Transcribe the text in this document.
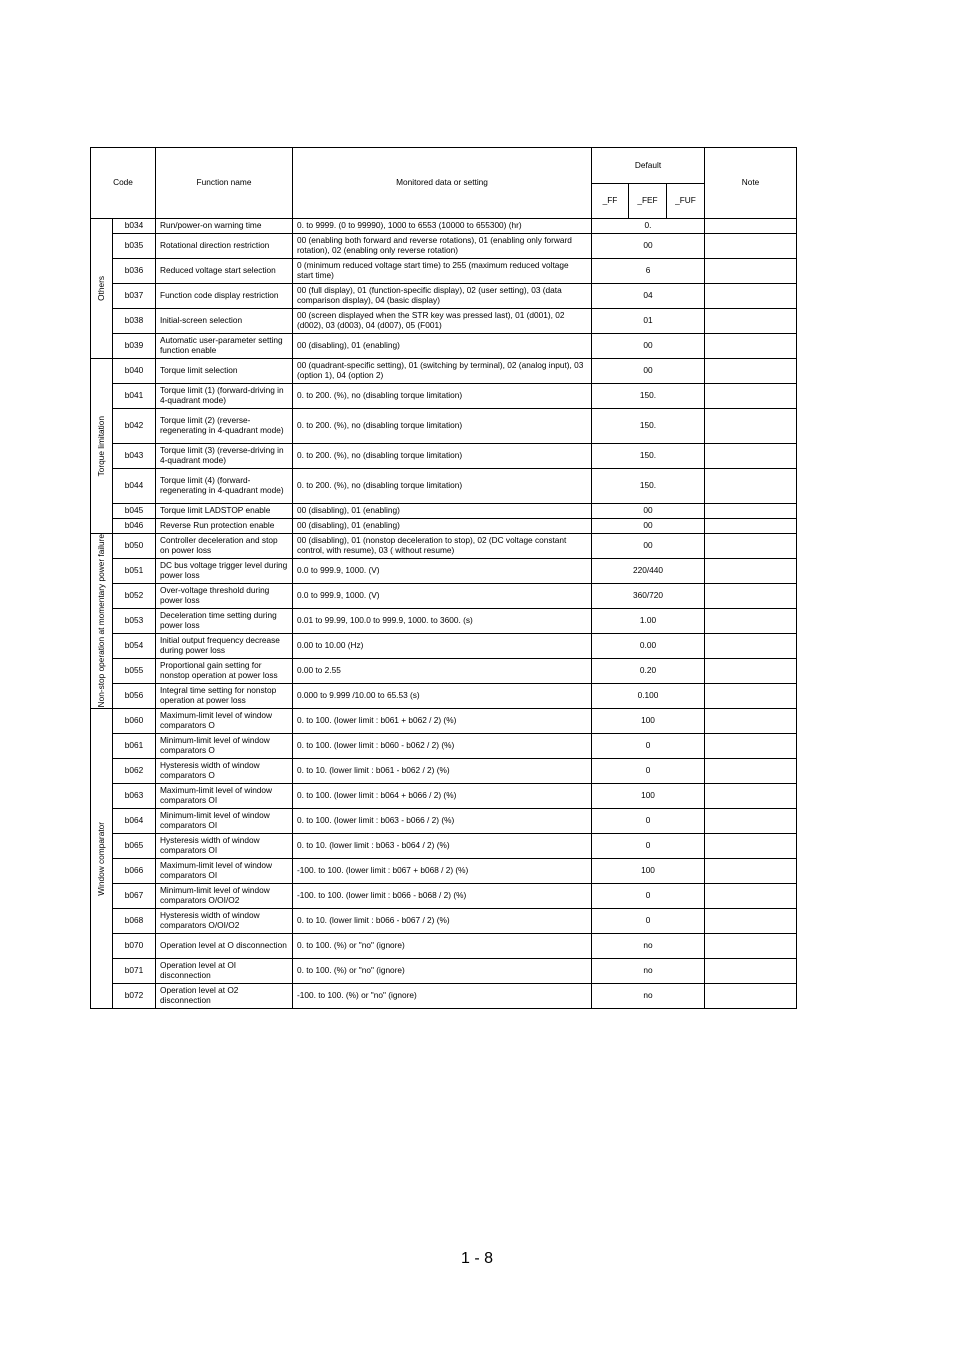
Code		Function name	Monitored data or setting	Default			Note
				_FF	_FEF	_FUF	

Others	b034	Run/power-on warning time	0. to 9999. (0 to 99990), 1000 to 6553 (10000 to 655300) (hr)	0.			
	b035	Rotational direction restriction	00 (enabling both forward and reverse rotations), 01 (enabling only forward rotation), 02 (enabling only reverse rotation)	00			
	b036	Reduced voltage start selection	0 (minimum reduced voltage start time) to 255 (maximum reduced voltage start time)	6			
	b037	Function code display restriction	00 (full display), 01 (function-specific display), 02 (user setting), 03 (data comparison display), 04 (basic display)	04			
	b038	Initial-screen selection	00 (screen displayed when the STR key was pressed last), 01 (d001), 02 (d002), 03 (d003), 04 (d007), 05 (F001)	01			
	b039	Automatic user-parameter setting function enable	00 (disabling), 01 (enabling)	00			

Torque limitation	b040	Torque limit selection	00 (quadrant-specific setting), 01 (switching by terminal), 02 (analog input), 03 (option 1), 04 (option 2)	00			
	b041	Torque limit (1) (forward-driving in 4-quadrant mode)	0. to 200. (%), no (disabling torque limitation)	150.			
	b042	Torque limit (2) (reverse-regenerating in 4-quadrant mode)	0. to 200. (%), no (disabling torque limitation)	150.			
	b043	Torque limit (3) (reverse-driving in 4-quadrant mode)	0. to 200. (%), no (disabling torque limitation)	150.			
	b044	Torque limit (4) (forward-regenerating in 4-quadrant mode)	0. to 200. (%), no (disabling torque limitation)	150.			
	b045	Torque limit LADSTOP enable	00 (disabling), 01 (enabling)	00			
	b046	Reverse Run protection enable	00 (disabling), 01 (enabling)	00			

Non-stop operation at momentary power failure	b050	Controller deceleration and stop on power loss	00 (disabling), 01 (nonstop deceleration to stop), 02 (DC voltage constant control, with resume), 03 ( without resume)	00			
	b051	DC bus voltage trigger level during power loss	0.0 to 999.9, 1000. (V)	220/440			
	b052	Over-voltage threshold during power loss	0.0 to 999.9, 1000. (V)	360/720			
	b053	Deceleration time setting during power loss	0.01 to 99.99, 100.0 to 999.9, 1000. to 3600. (s)	1.00			
	b054	Initial output frequency decrease during power loss	0.00 to 10.00 (Hz)	0.00			
	b055	Proportional gain setting for nonstop operation at power loss	0.00 to 2.55	0.20			
	b056	Integral time setting for nonstop operation at power loss	0.000 to 9.999 /10.00 to 65.53 (s)	0.100			

Window comparator	b060	Maximum-limit level of window comparators O	0. to 100. (lower limit : b061 + b062 / 2) (%)	100			
	b061	Minimum-limit level of window comparators O	0. to 100. (lower limit : b060 - b062 / 2) (%)	0			
	b062	Hysteresis width of window comparators O	0. to 10. (lower limit : b061 - b062 / 2) (%)	0			
	b063	Maximum-limit level of window comparators OI	0. to 100. (lower limit : b064 + b066 / 2) (%)	100			
	b064	Minimum-limit level of window comparators OI	0. to 100. (lower limit : b063 - b066 / 2) (%)	0			
	b065	Hysteresis width of window comparators OI	0. to 10. (lower limit : b063 - b064 / 2) (%)	0			
	b066	Maximum-limit level of window comparators OI	-100. to 100. (lower limit : b067 + b068 / 2) (%)	100			
	b067	Minimum-limit level of window comparators O/OI/O2	-100. to 100. (lower limit : b066 - b068 / 2) (%)	0			
	b068	Hysteresis width of window comparators O/OI/O2	0. to 10. (lower limit : b066 - b067 / 2) (%)	0			
	b070	Operation level at O disconnection	0. to 100. (%) or "no" (ignore)	no			
	b071	Operation level at OI disconnection	0. to 100. (%) or "no" (ignore)	no			
	b072	Operation level at O2 disconnection	-100. to 100. (%) or "no" (ignore)	no			
1 - 8
